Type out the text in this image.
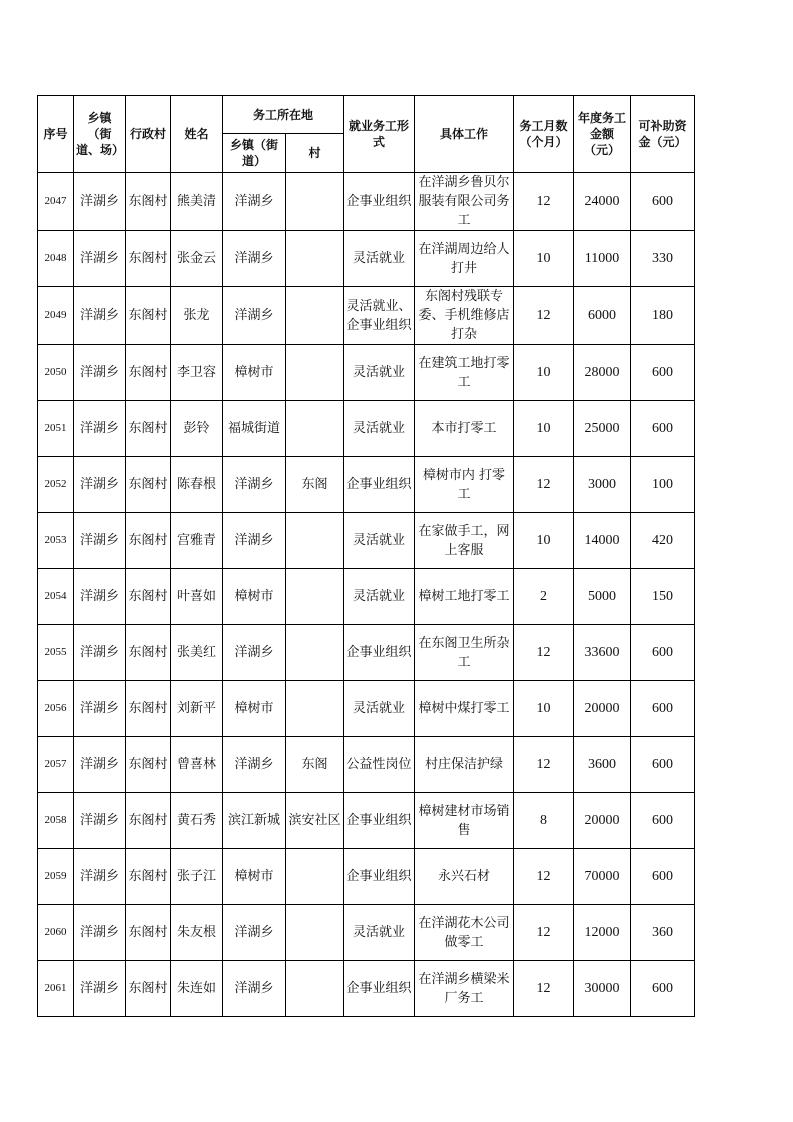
序号	乡镇（街道、场）	行政村	姓名	务工所在地		就业务工形式	具体工作	务工月数（个月）	年度务工金额（元）	可补助资金（元）
				乡镇（街道）	村					
2047	洋湖乡	东阁村	熊美清	洋湖乡		企事业组织	在洋湖乡鲁贝尔服装有限公司务工	12	24000	600
2048	洋湖乡	东阁村	张金云	洋湖乡		灵活就业	在洋湖周边给人打井	10	11000	330
2049	洋湖乡	东阁村	张龙	洋湖乡		灵活就业、企事业组织	东阁村残联专委、手机维修店打杂	12	6000	180
2050	洋湖乡	东阁村	李卫容	樟树市		灵活就业	在建筑工地打零工	10	28000	600
2051	洋湖乡	东阁村	彭铃	福城街道		灵活就业	本市打零工	10	25000	600
2052	洋湖乡	东阁村	陈春根	洋湖乡	东阁	企事业组织	樟树市内 打零工	12	3000	100
2053	洋湖乡	东阁村	宫雅青	洋湖乡		灵活就业	在家做手工，网上客服	10	14000	420
2054	洋湖乡	东阁村	叶喜如	樟树市		灵活就业	樟树工地打零工	2	5000	150
2055	洋湖乡	东阁村	张美红	洋湖乡		企事业组织	在东阁卫生所杂工	12	33600	600
2056	洋湖乡	东阁村	刘新平	樟树市		灵活就业	樟树中煤打零工	10	20000	600
2057	洋湖乡	东阁村	曾喜林	洋湖乡	东阁	公益性岗位	村庄保洁护绿	12	3600	600
2058	洋湖乡	东阁村	黄石秀	滨江新城	滨安社区	企事业组织	樟树建材市场销售	8	20000	600
2059	洋湖乡	东阁村	张子江	樟树市		企事业组织	永兴石材	12	70000	600
2060	洋湖乡	东阁村	朱友根	洋湖乡		灵活就业	在洋湖花木公司做零工	12	12000	360
2061	洋湖乡	东阁村	朱连如	洋湖乡		企事业组织	在洋湖乡横梁米厂务工	12	30000	600
